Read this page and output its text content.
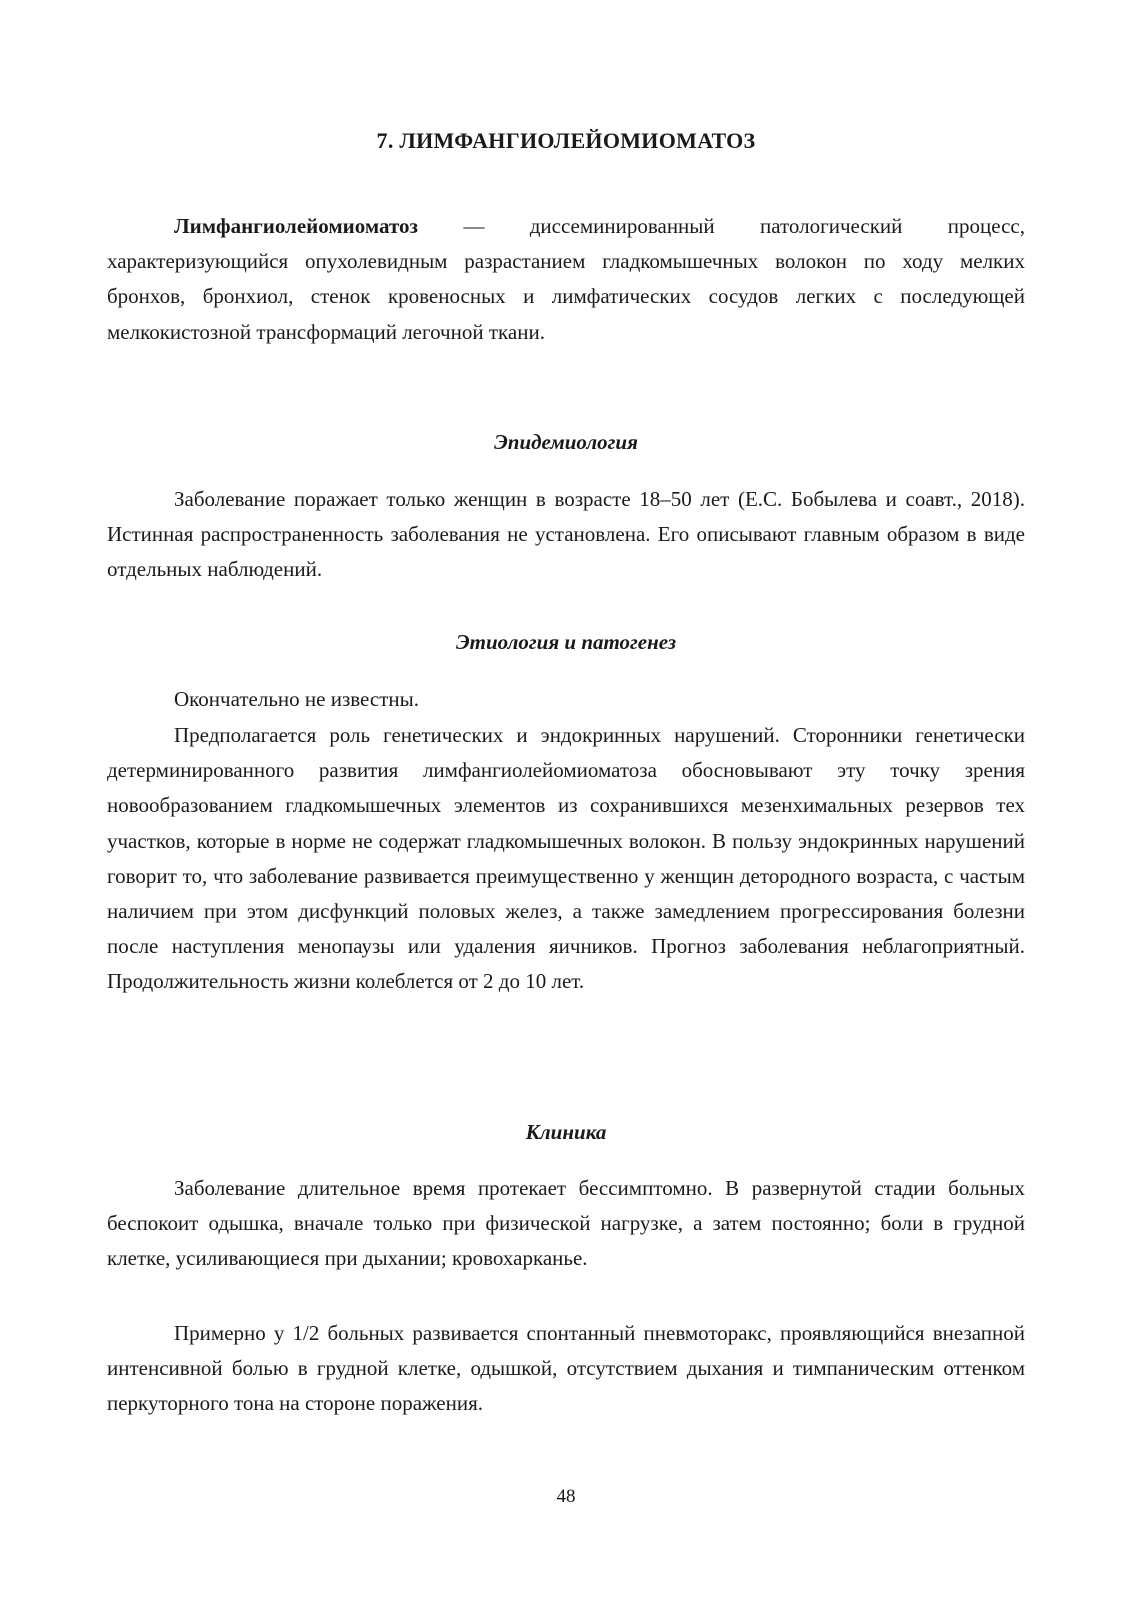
7. ЛИМФАНГИОЛЕЙОМИОМАТОЗ

Лимфангиолейомиоматоз — диссеминированный патологический процесс, характеризующийся опухолевидным разрастанием гладкомышечных волокон по ходу мелких бронхов, бронхиол, стенок кровеносных и лимфатических сосудов легких с последующей мелкокистозной трансформаций легочной ткани.

Эпидемиология

Заболевание поражает только женщин в возрасте 18–50 лет (Е.С. Бобылева и соавт., 2018). Истинная распространенность заболевания не установлена. Его описывают главным образом в виде отдельных наблюдений.

Этиология и патогенез

Окончательно не известны.

Предполагается роль генетических и эндокринных нарушений. Сторонники генетически детерминированного развития лимфангиолейомиоматоза обосновывают эту точку зрения новообразованием гладкомышечных элементов из сохранившихся мезенхимальных резервов тех участков, которые в норме не содержат гладкомышечных волокон. В пользу эндокринных нарушений говорит то, что заболевание развивается преимущественно у женщин детородного возраста, с частым наличием при этом дисфункций половых желез, а также замедлением прогрессирования болезни после наступления менопаузы или удаления яичников. Прогноз заболевания неблагоприятный. Продолжительность жизни колеблется от 2 до 10 лет.

Клиника

Заболевание длительное время протекает бессимптомно. В развернутой стадии больных беспокоит одышка, вначале только при физической нагрузке, а затем постоянно; боли в грудной клетке, усиливающиеся при дыхании; кровохарканье.

Примерно у 1/2 больных развивается спонтанный пневмоторакс, проявляющийся внезапной интенсивной болью в грудной клетке, одышкой, отсутствием дыхания и тимпаническим оттенком перкуторного тона на стороне поражения.

48
